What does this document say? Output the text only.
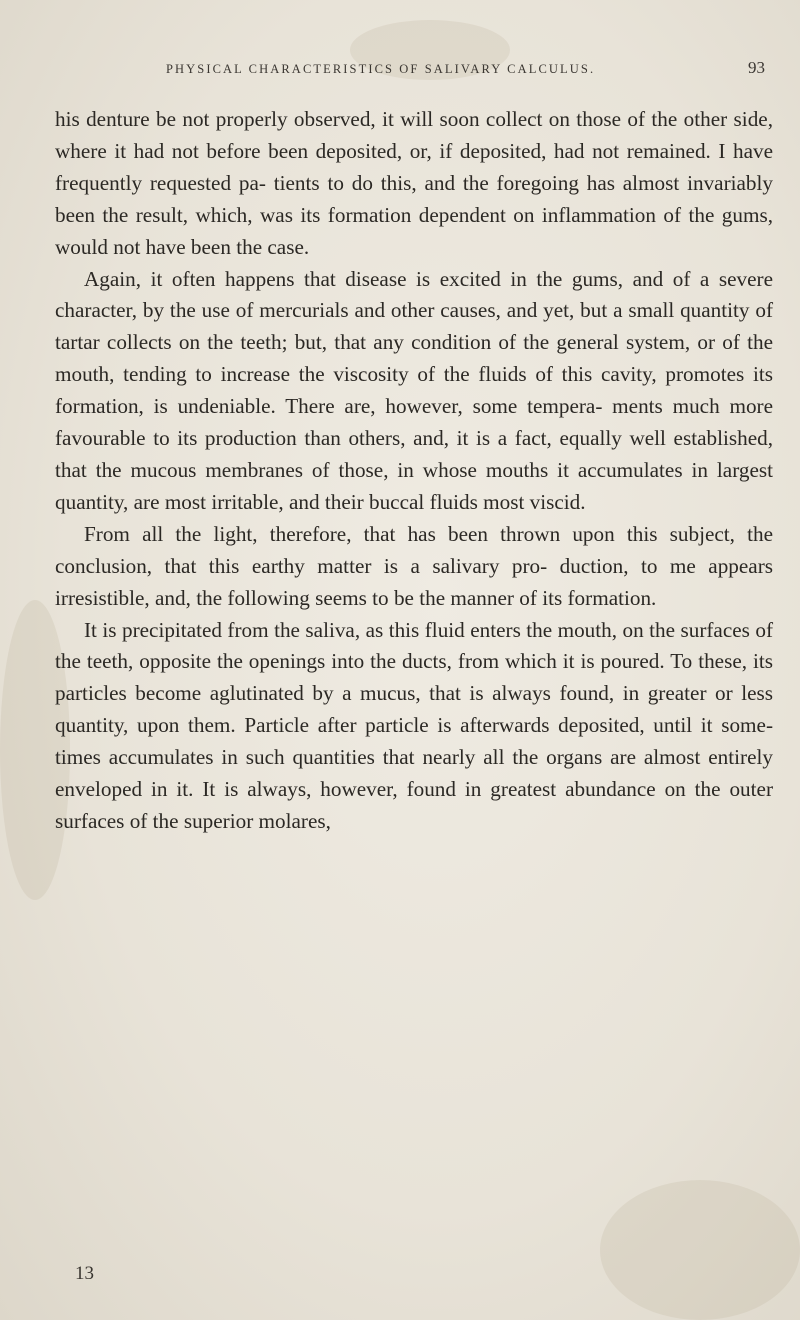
PHYSICAL CHARACTERISTICS OF SALIVARY CALCULUS.	93

his denture be not properly observed, it will soon collect on those of the other side, where it had not before been deposited, or, if deposited, had not remained. I have frequently requested pa- tients to do this, and the foregoing has almost invariably been the result, which, was its formation dependent on inflammation of the gums, would not have been the case.

Again, it often happens that disease is excited in the gums, and of a severe character, by the use of mercurials and other causes, and yet, but a small quantity of tartar collects on the teeth; but, that any condition of the general system, or of the mouth, tending to increase the viscosity of the fluids of this cavity, promotes its formation, is undeniable. There are, however, some tempera- ments much more favourable to its production than others, and, it is a fact, equally well established, that the mucous membranes of those, in whose mouths it accumulates in largest quantity, are most irritable, and their buccal fluids most viscid.

From all the light, therefore, that has been thrown upon this subject, the conclusion, that this earthy matter is a salivary pro- duction, to me appears irresistible, and, the following seems to be the manner of its formation.

It is precipitated from the saliva, as this fluid enters the mouth, on the surfaces of the teeth, opposite the openings into the ducts, from which it is poured. To these, its particles become aglutinated by a mucus, that is always found, in greater or less quantity, upon them. Particle after particle is afterwards deposited, until it some- times accumulates in such quantities that nearly all the organs are almost entirely enveloped in it. It is always, however, found in greatest abundance on the outer surfaces of the superior molares,

13
